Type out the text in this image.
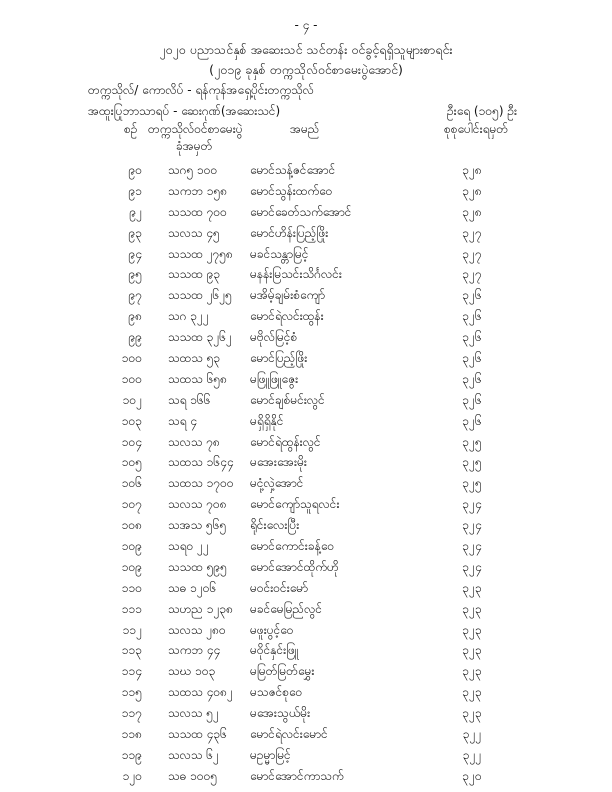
- ၄ -
၂၀၂၀ ပညာသင်နှစ် အဆေးသင် သင်တန်း ဝင်ခွင့်ရရှိသူများစာရင်း
(၂၀၁၉ ခုနှစ် တက္ကသိုလ်ဝင်စာမေးပွဲအောင်)
တက္ကသိုလ်/ ကောလိပ် - ရန်ကုန်အရှေ့ပိုင်းတက္ကသိုလ်
အထူးပြုဘာသာရပ် - ဆေးဂုဏ်(အဆေးသင်)	ဦးရေ (၁၀၅) ဦး
စဉ် တက္ကသိုလ်ဝင်စာမေးပွဲ
ခုံအမှတ်
အမည်	စုစုပေါင်းရမှတ်
၉၀ သဂ၅ ၁၀၀	မောင်သန့်ဇင်အောင်	၃၂၈
၉၁ သကဘ ၁၅၈ မောင်သွန်းထက်ဝေ	၃၂၈
၉၂ သသထ ၇၀၀ မောင်ခေတ်သက်အောင်	၃၂၈
၉၃ သလသ ၄၅	မောင်ဟိန်းပြည့်ဖြိုး	၃၂၇
၉၄ သသထ ၂၇၅၈ မခင်သန္တာမြင့်	၃၂၇
၉၅ သသထ ၉၃ မနန်းမြသင်းသိင်္ဂလင်း	၃၂၇
၉၇ သသထ ၂၆၂၅ မအိမ့်ချမ်းစံကျော်	၃၂၆
၉၈ သဂ ၃၂၂	မောင်ရဲလင်းထွန်း	၃၂၆
၉၉ သသထ ၃၂၆၂ မဗိုလ်မြင့်စံ	၃၂၆
၁၀၀ သထသ ၅၃ မောင်ပြည့်ဖြိုး	၃၂၆
၁၀၀ သထသ ၆၅၈ မဖြူဖြူဇွေး	၃၂၆
၁၀၂ သရ ၁၆၆	မောင်ချစ်မင်းလွင်	၃၂၆
၁၀၃ သရ ၄	မရှိရှိနိုင်	၃၂၆
၁၀၄ သလသ ၇၈	မောင်ရဲထွန်းလွင်	၃၂၅
၁၀၅ သထသ ၁၆၄၄ မအေးအေးမိုး	၃၂၅
၁၀၆ သထသ ၁၇၀၀ မငုံ့လှဲ့အောင်	၃၂၅
၁၀၇ သလသ ၇၀၈ မောင်ကျော်သူရလင်း	၃၂၄
၁၀၈ သအသ ၅၆၅ ရိုင်းလေးပြီး	၃၂၄
၁၀၉ သရ၀ ၂၂	မောင်ကောင်းခန့်ဝေ	၃၂၄
၁၀၉ သသထ ၅၉၅ မောင်အောင်ထိုက်ဟို	၃၂၄
၁၁၀ သဓ ၁၂၀၆	မဝင်းဝင်းမော်	၃၂၃
၁၁၁ သဟည ၁၂၃၈ မခင်မေမြည်လွင်	၃၂၃
၁၁၂ သလသ ၂၈၀ မဖူးပွင့်ဝေ	၃၂၃
၁၁၃ သကဘ ၄၄ မဝိုင်နှင်းဖြူ	၃၂၃
၁၁၄ သဃ ၁၀၃	မမြတ်မြတ်မွှေး	၃၂၃
၁၁၅ သထသ ၄၀၈၂ မသဇင်စုဝေ	၃၂၃
၁၁၇ သလသ ၅၂	မအေးသွယ်မိုး	၃၂၃
၁၁၈ သသထ ၄၃၆ မောင်ရဲလင်းမောင်	၃၂၂
၁၁၉ သလသ ၆၂	မဥမ္မာမြင့်	၃၂၂
၁၂၀ သဓ ၁၀၀၅	မောင်အောင်ကာသက်	၃၂၀
